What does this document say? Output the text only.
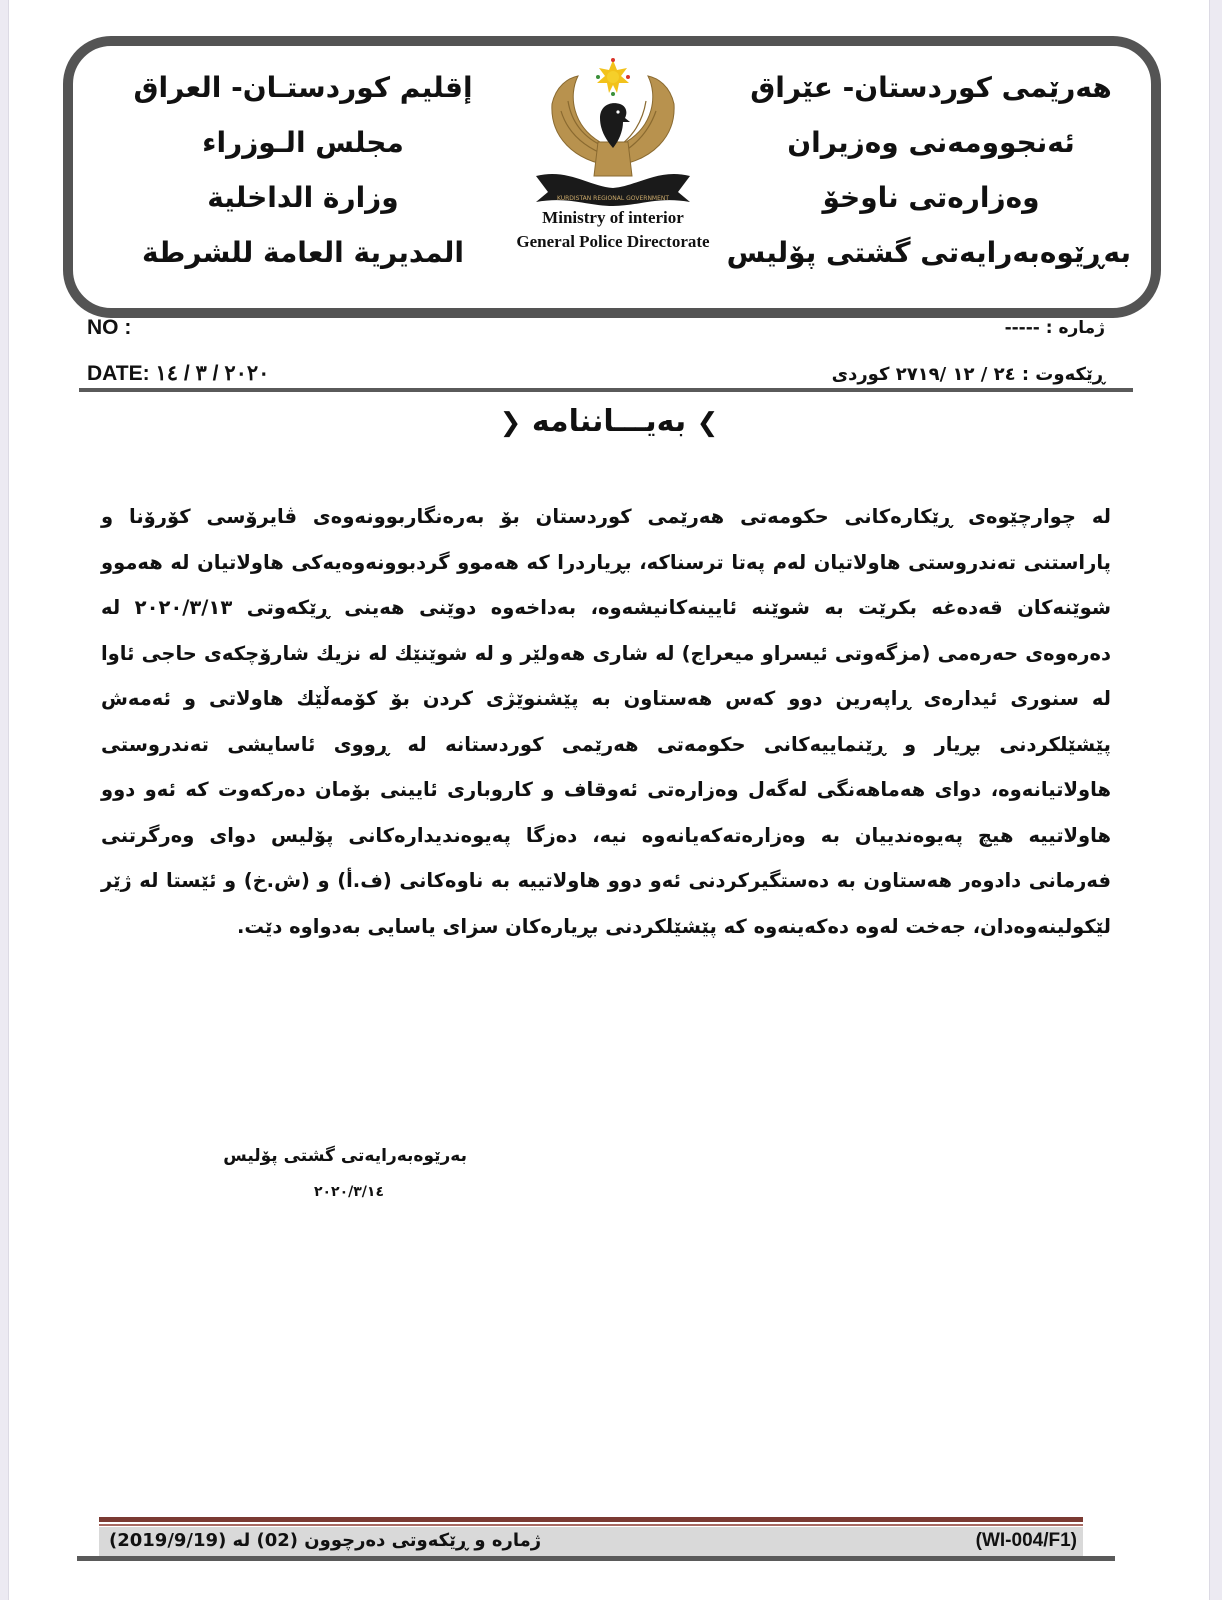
إقليم كوردستـان- العراق
مجلس الـوزراء
وزارة الداخلية
المديرية العامة للشرطة
KURDISTAN REGIONAL GOVERNMENT
Ministry of interior
General Police Directorate
هەرێمی کوردستان- عێراق
ئەنجوومەنی وەزیران
وەزارەتی ناوخۆ
بەڕێوەبەرایەتی گشتی پۆلیس
NO :
DATE: ٢٠٢٠ / ٣ / ١٤
ژمارە : -----
ڕێکەوت : ٢٤ / ١٢ /٢٧١٩ کوردی
❯ بەیـــاننامە ❮
لە چوارچێوەی ڕێکارەکانی حکومەتی هەرێمی کوردستان بۆ بەرەنگاربوونەوەی ڤایرۆسی کۆرۆنا و پاراستنی تەندروستی هاولاتیان لەم پەتا ترسناکە، بڕیاردرا کە هەموو گردبوونەوەیەکی هاولاتیان لە هەموو شوێنەکان قەدەغە بکرێت بە شوێنە ئایینەکانیشەوە، بەداخەوە دوێنی هەینی ڕێکەوتی ٢٠٢٠/٣/١٣ لە دەرەوەی حەرەمی (مزگەوتی ئیسراو میعراج) لە شاری هەولێر و لە شوێنێك لە نزیك شارۆچکەی حاجی ئاوا لە سنوری ئیدارەی ڕاپەرین دوو کەس هەستاون بە پێشنوێژی کردن بۆ کۆمەڵێك هاولاتی و ئەمەش پێشێلکردنی بڕیار و ڕێنماییەکانی حکومەتی هەرێمی کوردستانە لە ڕووی ئاسایشی تەندروستی هاولاتیانەوە، دوای هەماهەنگی لەگەل وەزارەتی ئەوقاف و کاروباری ئایینی بۆمان دەرکەوت کە ئەو دوو هاولاتییە هیچ پەیوەندییان بە وەزارەتەکەیانەوە نیە، دەزگا پەیوەندیدارەکانی پۆلیس دوای وەرگرتنی فەرمانی دادوەر هەستاون بە دەستگیرکردنی ئەو دوو هاولاتییە بە ناوەکانی (ف.أ) و (ش.خ) و ئێستا لە ژێر لێکولینەوەدان، جەخت لەوە دەکەینەوە کە پێشێلکردنی بڕیارەکان سزای یاسایی بەدواوە دێت.
بەرێوەبەرایەتی گشتی پۆلیس
٢٠٢٠/٣/١٤
ژمارە و ڕێکەوتی دەرچوون (02) لە (2019/9/19)	(WI-004/F1)
